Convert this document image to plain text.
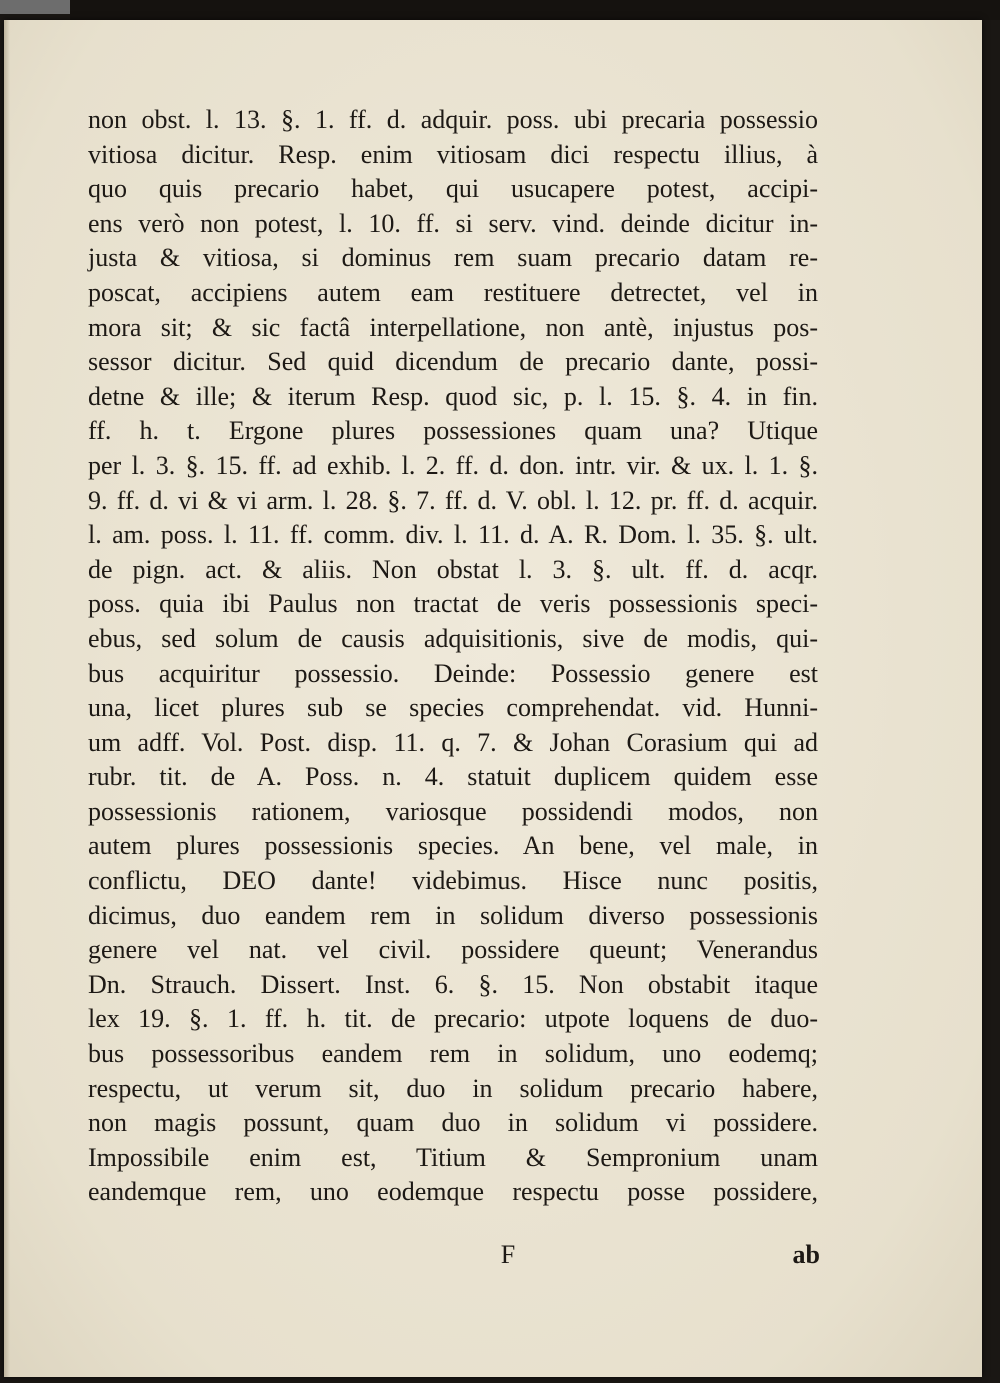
non obst. l. 13. §. 1. ff. d. adquir. poss. ubi precaria possessio
vitiosa dicitur. Resp. enim vitiosam dici respectu illius, à
quo quis precario habet, qui usucapere potest, accipi-
ens verò non potest, l. 10. ff. si serv. vind. deinde dicitur in-
justa & vitiosa, si dominus rem suam precario datam re-
poscat, accipiens autem eam restituere detrectet, vel in
mora sit; & sic factâ interpellatione, non antè, injustus pos-
sessor dicitur. Sed quid dicendum de precario dante, possi-
detne & ille; & iterum Resp. quod sic, p. l. 15. §. 4. in fin.
ff. h. t. Ergone plures possessiones quam una? Utique
per l. 3. §. 15. ff. ad exhib. l. 2. ff. d. don. intr. vir. & ux. l. 1. §.
9. ff. d. vi & vi arm. l. 28. §. 7. ff. d. V. obl. l. 12. pr. ff. d. acquir.
l. am. poss. l. 11. ff. comm. div. l. 11. d. A. R. Dom. l. 35. §. ult.
de pign. act. & aliis. Non obstat l. 3. §. ult. ff. d. acqr.
poss. quia ibi Paulus non tractat de veris possessionis speci-
ebus, sed solum de causis adquisitionis, sive de modis, qui-
bus acquiritur possessio. Deinde: Possessio genere est
una, licet plures sub se species comprehendat. vid. Hunni-
um adff. Vol. Post. disp. 11. q. 7. & Johan Corasium qui ad
rubr. tit. de A. Poss. n. 4. statuit duplicem quidem esse
possessionis rationem, variosque possidendi modos, non
autem plures possessionis species. An bene, vel male, in
conflictu, DEO dante! videbimus. Hisce nunc positis,
dicimus, duo eandem rem in solidum diverso possessionis
genere vel nat. vel civil. possidere queunt; Venerandus
Dn. Strauch. Dissert. Inst. 6. §. 15. Non obstabit itaque
lex 19. §. 1. ff. h. tit. de precario: utpote loquens de duo-
bus possessoribus eandem rem in solidum, uno eodemq;
respectu, ut verum sit, duo in solidum precario habere,
non magis possunt, quam duo in solidum vi possidere.
Impossibile enim est, Titium & Sempronium unam
eandemque rem, uno eodemque respectu posse possidere,
F	ab
